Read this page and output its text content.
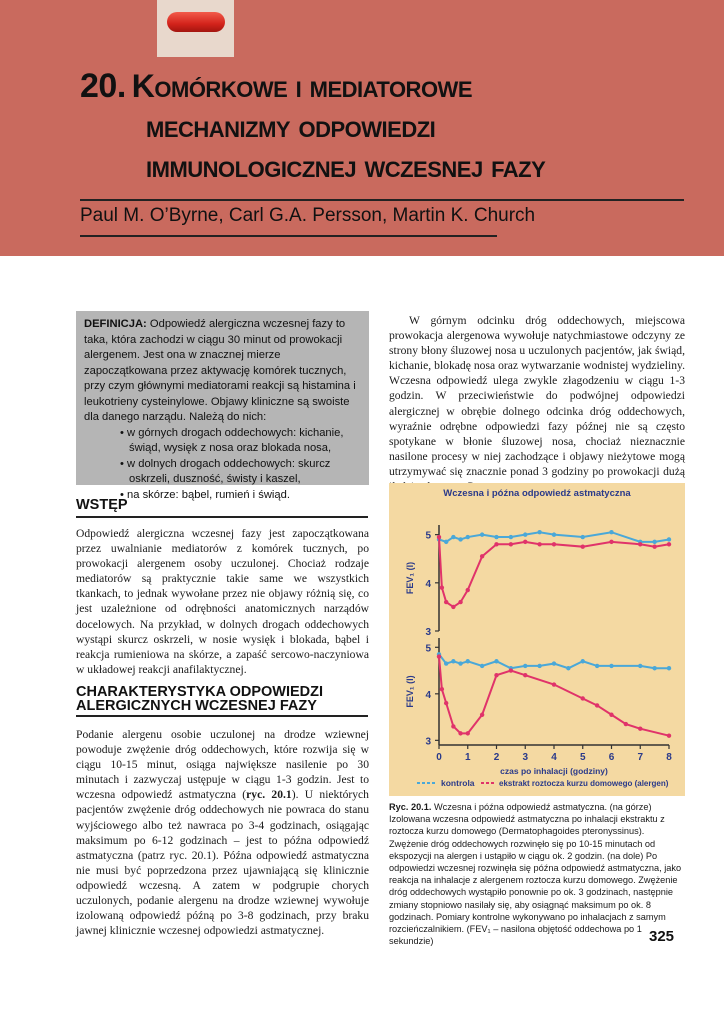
20. Komórkowe i mediatorowe
mechanizmy odpowiedzi
immunologicznej wczesnej fazy
Paul M. O’Byrne, Carl G.A. Persson, Martin K. Church

DEFINICJA: Odpowiedź alergiczna wczesnej fazy to taka, która zachodzi w ciągu 30 minut od prowokacji alergenem. Jest ona w znacznej mierze zapoczątkowana przez aktywację komórek tucznych, przy czym głównymi mediatorami reakcji są histamina i leukotrieny cysteinylowe. Objawy kliniczne są swoiste dla danego narządu. Należą do nich:

• w górnych drogach oddechowych: kichanie, świąd, wysięk z nosa oraz blokada nosa,
• w dolnych drogach oddechowych: skurcz oskrzeli, duszność, świsty i kaszel,
• na skórze: bąbel, rumień i świąd.
WSTĘP

Odpowiedź alergiczna wczesnej fazy jest zapoczątkowana przez uwalnianie mediatorów z komórek tucznych, po prowokacji alergenem osoby uczulonej. Chociaż rodzaje mediatorów są praktycznie takie same we wszystkich tkankach, to jednak wywołane przez nie objawy różnią się, co jest uzależnione od odrębności anatomicznych narządów docelowych. Na przykład, w dolnych drogach oddechowych wystąpi skurcz oskrzeli, w nosie wysięk i blokada, bąbel i reakcja rumieniowa na skórze, a zapaść sercowo-naczyniowa w układowej reakcji anafilaktycznej.

CHARAKTERYSTYKA ODPOWIEDZI
ALERGICZNYCH WCZESNEJ FAZY

Podanie alergenu osobie uczulonej na drodze wziewnej powoduje zwężenie dróg oddechowych, które rozwija się w ciągu 10-15 minut, osiąga największe nasilenie po 30 minutach i zazwyczaj ustępuje w ciągu 1-3 godzin. Jest to wczesna odpowiedź astmatyczna (ryc. 20.1). U niektórych pacjentów zwężenie dróg oddechowych nie powraca do stanu wyjściowego albo też nawraca po 3-4 godzinach, osiągając maksimum po 6-12 godzinach – jest to późna odpowiedź astmatyczna (patrz ryc. 20.1). Późna odpowiedź astmatyczna nie musi być poprzedzona przez ujawniającą się klinicznie odpowiedź wczesną. A zatem w podgrupie chorych uczulonych, podanie alergenu na drodze wziewnej wywołuje izolowaną odpowiedź późną po 3-8 godzinach, przy braku jawnej klinicznie wczesnej odpowiedzi astmatycznej.

W górnym odcinku dróg oddechowych, miejscowa prowokacja alergenowa wywołuje natychmiastowe odczyny ze strony błony śluzowej nosa u uczulonych pacjentów, jak świąd, kichanie, blokadę nosa oraz wytwarzanie wodnistej wydzieliny. Wczesna odpowiedź ulega zwykle złagodzeniu w ciągu 1-3 godzin. W przeciwieństwie do podwójnej odpowiedzi alergicznej w obrębie dolnego odcinka dróg oddechowych, wyraźnie odrębne odpowiedzi fazy późnej nie są często spotykane w błonie śluzowej nosa, chociaż nieznacznie nasilone procesy w niej zachodzące i objawy nieżytowe mogą utrzymywać się znacznie ponad 3 godziny po prowokacji dużą

Wczesna i późna odpowiedź astmatyczna
5
4
3
FEV₁ (l)
5
4
3
FEV₁ (l)
0 1 2 3 4 5 6 7 8
czas po inhalacji (godziny)
kontrola	ekstrakt roztocza kurzu domowego (alergen)

Ryc. 20.1. Wczesna i późna odpowiedź astmatyczna. (na górze) Izolowana wczesna odpowiedź astmatyczna po inhalacji ekstraktu z roztocza kurzu domowego (Dermatophagoides pteronyssinus). Zwężenie dróg oddechowych rozwinęło się po 10-15 minutach od ekspozycji na alergen i ustąpiło w ciągu ok. 2 godzin. (na dole) Po odpowiedzi wczesnej rozwinęła się późna odpowiedź astmatyczna, jako reakcja na inhalacje z alergenem roztocza kurzu domowego. Zwężenie dróg oddechowych wystąpiło ponownie po ok. 3 godzinach, następnie zmiany stopniowo nasilały się, aby osiągnąć maksimum po ok. 8 godzinach. Pomiary kontrolne wykonywano po inhalacjach z samym rozcieńczalnikiem. (FEV₁ – nasilona objętość oddechowa po 1 sekundzie)	325
